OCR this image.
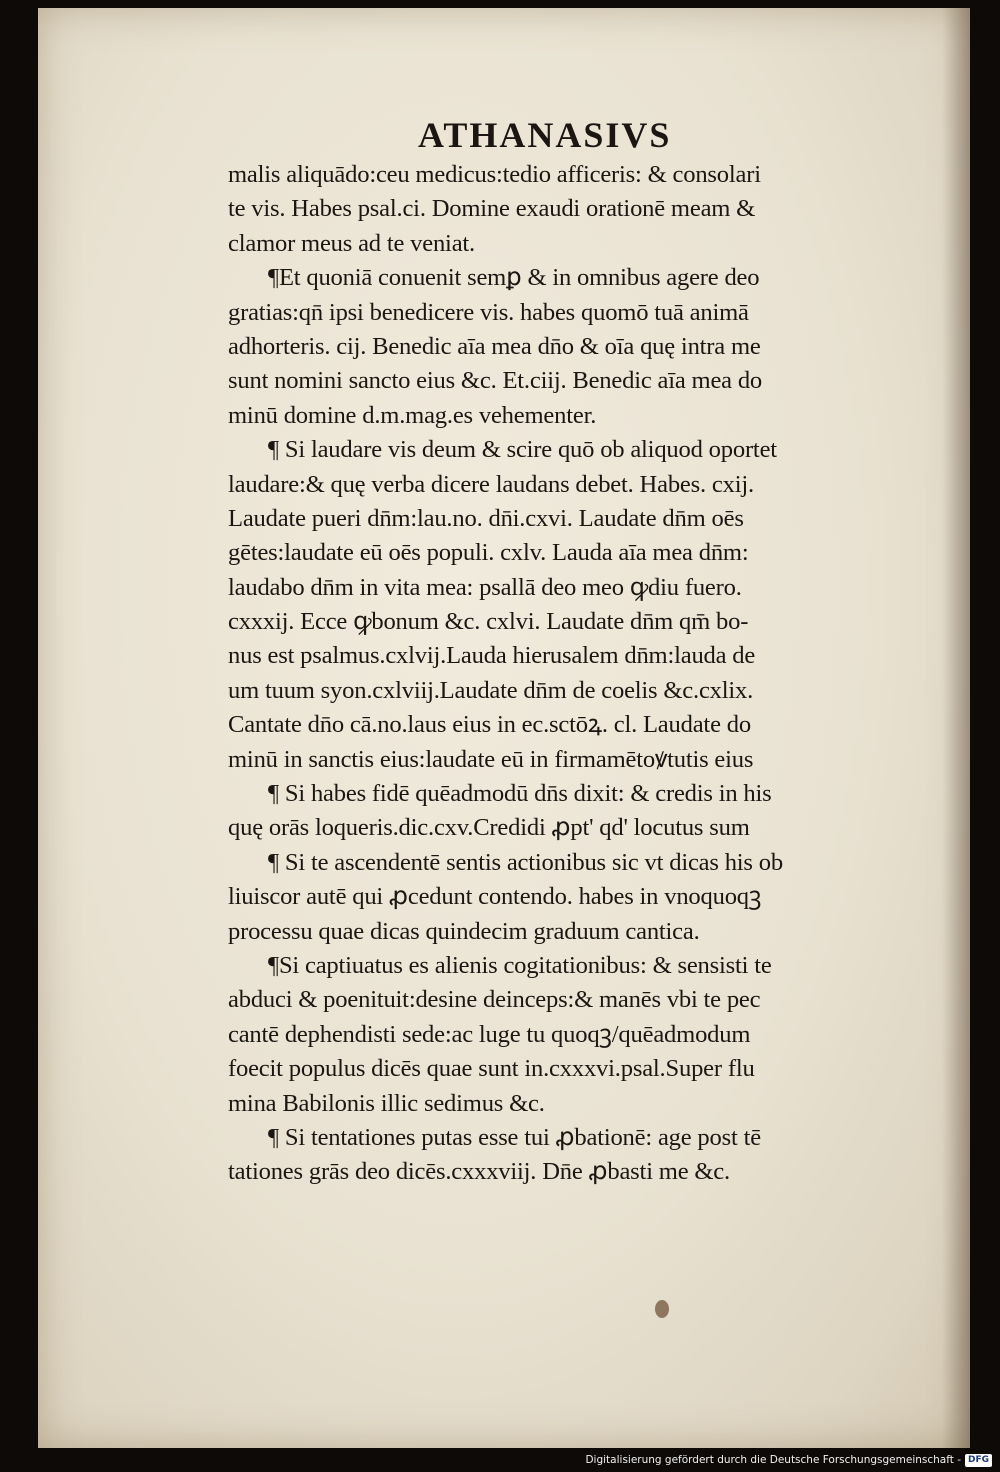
ATHANASIVS
malis aliquādo:ceu medicus:tedio afficeris: & consolari
te vis. Habes psal.ci. Domine exaudi orationē meam &
clamor meus ad te veniat.
¶Et quoniā conuenit semꝑ & in omnibus agere deo
gratias:qn̄ ipsi benedicere vis. habes quomō tuā animā
adhorteris. cij. Benedic aīa mea dn̄o & oīa quę intra me
sunt nomini sancto eius &c. Et.ciij. Benedic aīa mea do
minū domine d.m.mag.es vehementer.
¶ Si laudare vis deum & scire quō ob aliquod oportet
laudare:& quę verba dicere laudans debet. Habes. cxij.
Laudate pueri dn̄m:lau.no. dn̄i.cxvi. Laudate dn̄m oēs
gētes:laudate eū oēs populi. cxlv. Lauda aīa mea dn̄m:
laudabo dn̄m in vita mea: psallā deo meo ꝙdiu fuero.
cxxxij. Ecce ꝙbonum &c. cxlvi. Laudate dn̄m qm̄ bo-
nus est psalmus.cxlvij.Lauda hierusalem dn̄m:lauda de
um tuum syon.cxlviij.Laudate dn̄m de coelis &c.cxlix.
Cantate dn̄o cā.no.laus eius in ec.sctōꝝ. cl. Laudate do
minū in sanctis eius:laudate eū in firmamētoꝟtutis eius
¶ Si habes fidē quēadmodū dn̄s dixit: & credis in his
quę orās loqueris.dic.cxv.Credidi ꝓpt' qd' locutus sum
¶ Si te ascendentē sentis actionibus sic vt dicas his ob
liuiscor autē qui ꝓcedunt contendo. habes in vnoquoqꝫ
processu quae dicas quindecim graduum cantica.
¶Si captiuatus es alienis cogitationibus: & sensisti te
abduci & poenituit:desine deinceps:& manēs vbi te pec
cantē dephendisti sede:ac luge tu quoqꝫ/quēadmodum
foecit populus dicēs quae sunt in.cxxxvi.psal.Super flu
mina Babilonis illic sedimus &c.
¶ Si tentationes putas esse tui ꝓbationē: age post tē
tationes grās deo dicēs.cxxxviij. Dn̄e ꝓbasti me &c.
Digitalisierung gefördert durch die Deutsche Forschungsgemeinschaft - DFG
